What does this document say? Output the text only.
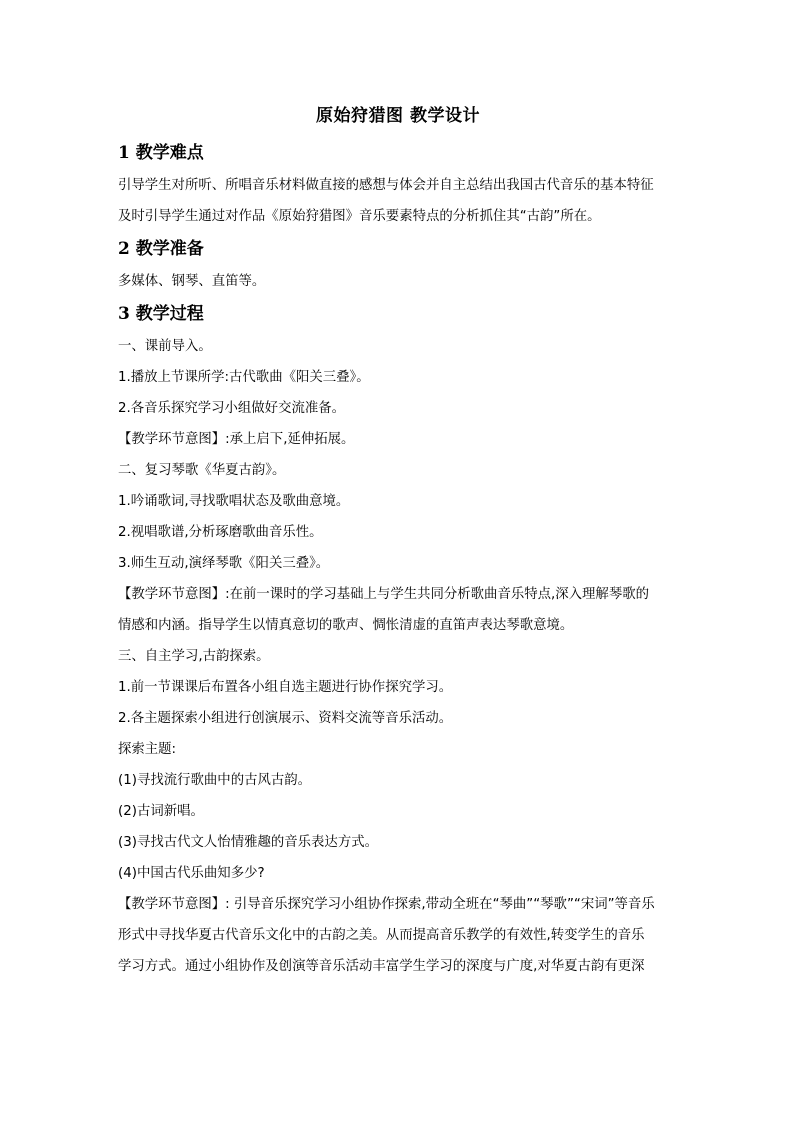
原始狩猎图 教学设计
1 教学难点
引导学生对所听、所唱音乐材料做直接的感想与体会并自主总结出我国古代音乐的基本特征
及时引导学生通过对作品《原始狩猎图》音乐要素特点的分析抓住其“古韵”所在。
2 教学准备
多媒体、钢琴、直笛等。
3 教学过程
一、课前导入。
1.播放上节课所学:古代歌曲《阳关三叠》。
2.各音乐探究学习小组做好交流准备。
【教学环节意图】:承上启下,延伸拓展。
二、复习琴歌《华夏古韵》。
1.吟诵歌词,寻找歌唱状态及歌曲意境。
2.视唱歌谱,分析琢磨歌曲音乐性。
3.师生互动,演绎琴歌《阳关三叠》。
【教学环节意图】:在前一课时的学习基础上与学生共同分析歌曲音乐特点,深入理解琴歌的
情感和内涵。指导学生以情真意切的歌声、惆怅清虚的直笛声表达琴歌意境。
三、自主学习,古韵探索。
1.前一节课课后布置各小组自选主题进行协作探究学习。
2.各主题探索小组进行创演展示、资料交流等音乐活动。
探索主题:
(1)寻找流行歌曲中的古风古韵。
(2)古词新唱。
(3)寻找古代文人怡情雅趣的音乐表达方式。
(4)中国古代乐曲知多少?
【教学环节意图】: 引导音乐探究学习小组协作探索,带动全班在“琴曲”“琴歌”“宋词”等音乐
形式中寻找华夏古代音乐文化中的古韵之美。从而提高音乐教学的有效性,转变学生的音乐
学习方式。通过小组协作及创演等音乐活动丰富学生学习的深度与广度,对华夏古韵有更深
